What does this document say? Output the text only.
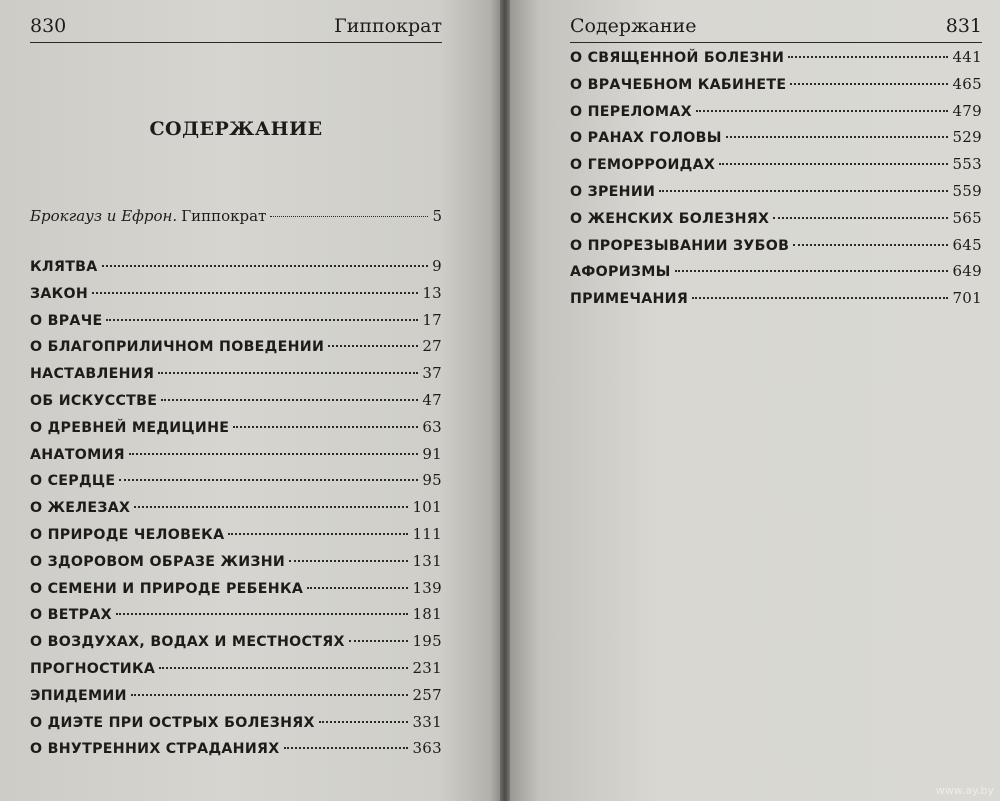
830	Гиппократ
СОДЕРЖАНИЕ
Брокгауз и Ефрон. Гиппократ	5
КЛЯТВА	9
ЗАКОН	13
О ВРАЧЕ	17
О БЛАГОПРИЛИЧНОМ ПОВЕДЕНИИ	27
НАСТАВЛЕНИЯ	37
ОБ ИСКУССТВЕ	47
О ДРЕВНЕЙ МЕДИЦИНЕ	63
АНАТОМИЯ	91
О СЕРДЦЕ	95
О ЖЕЛЕЗАХ	101
О ПРИРОДЕ ЧЕЛОВЕКА	111
О ЗДОРОВОМ ОБРАЗЕ ЖИЗНИ	131
О СЕМЕНИ И ПРИРОДЕ РЕБЕНКА	139
О ВЕТРАХ	181
О ВОЗДУХАХ, ВОДАХ И МЕСТНОСТЯХ	195
ПРОГНОСТИКА	231
ЭПИДЕМИИ	257
О ДИЭТЕ ПРИ ОСТРЫХ БОЛЕЗНЯХ	331
О ВНУТРЕННИХ СТРАДАНИЯХ	363
Содержание	831
О СВЯЩЕННОЙ БОЛЕЗНИ	441
О ВРАЧЕБНОМ КАБИНЕТЕ	465
О ПЕРЕЛОМАХ	479
О РАНАХ ГОЛОВЫ	529
О ГЕМОРРОИДАХ	553
О ЗРЕНИИ	559
О ЖЕНСКИХ БОЛЕЗНЯХ	565
О ПРОРЕЗЫВАНИИ ЗУБОВ	645
АФОРИЗМЫ	649
ПРИМЕЧАНИЯ	701
www.ay.by
